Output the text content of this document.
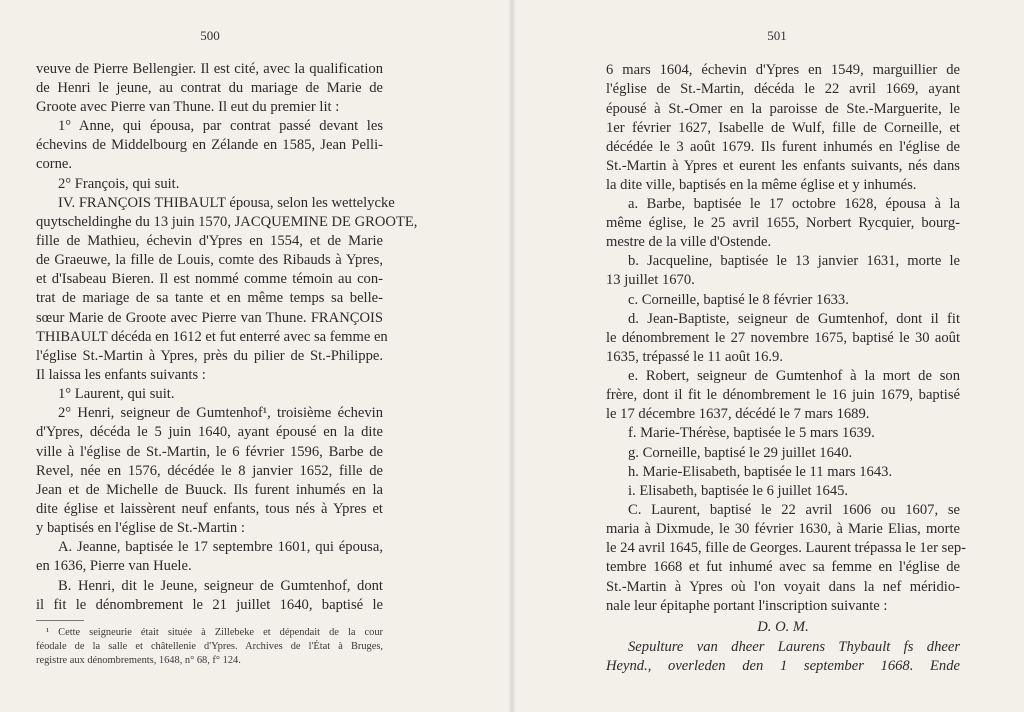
500
veuve de Pierre Bellengier. Il est cité, avec la qualification
de Henri le jeune, au contrat du mariage de Marie de
Groote avec Pierre van Thune. Il eut du premier lit :
1° Anne, qui épousa, par contrat passé devant les
échevins de Middelbourg en Zélande en 1585, Jean Pelli-
corne.
2° François, qui suit.
IV. FRANÇOIS THIBAULT épousa, selon les wettelycke
quytscheldinghe du 13 juin 1570, JACQUEMINE DE GROOTE,
fille de Mathieu, échevin d'Ypres en 1554, et de Marie
de Graeuwe, la fille de Louis, comte des Ribauds à Ypres,
et d'Isabeau Bieren. Il est nommé comme témoin au con-
trat de mariage de sa tante et en même temps sa belle-
sœur Marie de Groote avec Pierre van Thune. FRANÇOIS
THIBAULT décéda en 1612 et fut enterré avec sa femme en
l'église St.-Martin à Ypres, près du pilier de St.-Philippe.
Il laissa les enfants suivants :
1° Laurent, qui suit.
2° Henri, seigneur de Gumtenhof¹, troisième échevin
d'Ypres, décéda le 5 juin 1640, ayant épousé en la dite
ville à l'église de St.-Martin, le 6 février 1596, Barbe de
Revel, née en 1576, décédée le 8 janvier 1652, fille de
Jean et de Michelle de Buuck. Ils furent inhumés en la
dite église et laissèrent neuf enfants, tous nés à Ypres et
y baptisés en l'église de St.-Martin :
A. Jeanne, baptisée le 17 septembre 1601, qui épousa,
en 1636, Pierre van Huele.
B. Henri, dit le Jeune, seigneur de Gumtenhof, dont
il fit le dénombrement le 21 juillet 1640, baptisé le
¹ Cette seigneurie était située à Zillebeke et dépendait de la cour
féodale de la salle et châtellenie d'Ypres. Archives de l'État à Bruges,
registre aux dénombrements, 1648, n° 68, f° 124.
501
6 mars 1604, échevin d'Ypres en 1549, marguillier de
l'église de St.-Martin, décéda le 22 avril 1669, ayant
épousé à St.-Omer en la paroisse de Ste.-Marguerite, le
1er février 1627, Isabelle de Wulf, fille de Corneille, et
décédée le 3 août 1679. Ils furent inhumés en l'église de
St.-Martin à Ypres et eurent les enfants suivants, nés dans
la dite ville, baptisés en la même église et y inhumés.
a. Barbe, baptisée le 17 octobre 1628, épousa à la
même église, le 25 avril 1655, Norbert Rycquier, bourg-
mestre de la ville d'Ostende.
b. Jacqueline, baptisée le 13 janvier 1631, morte le
13 juillet 1670.
c. Corneille, baptisé le 8 février 1633.
d. Jean-Baptiste, seigneur de Gumtenhof, dont il fit
le dénombrement le 27 novembre 1675, baptisé le 30 août
1635, trépassé le 11 août 16.9.
e. Robert, seigneur de Gumtenhof à la mort de son
frère, dont il fit le dénombrement le 16 juin 1679, baptisé
le 17 décembre 1637, décédé le 7 mars 1689.
f. Marie-Thérèse, baptisée le 5 mars 1639.
g. Corneille, baptisé le 29 juillet 1640.
h. Marie-Elisabeth, baptisée le 11 mars 1643.
i. Elisabeth, baptisée le 6 juillet 1645.
C. Laurent, baptisé le 22 avril 1606 ou 1607, se
maria à Dixmude, le 30 février 1630, à Marie Elias, morte
le 24 avril 1645, fille de Georges. Laurent trépassa le 1er sep-
tembre 1668 et fut inhumé avec sa femme en l'église de
St.-Martin à Ypres où l'on voyait dans la nef méridio-
nale leur épitaphe portant l'inscription suivante :
D. O. M.
Sepulture van dheer Laurens Thybault fs dheer
Heynd., overleden den 1 september 1668. Ende
